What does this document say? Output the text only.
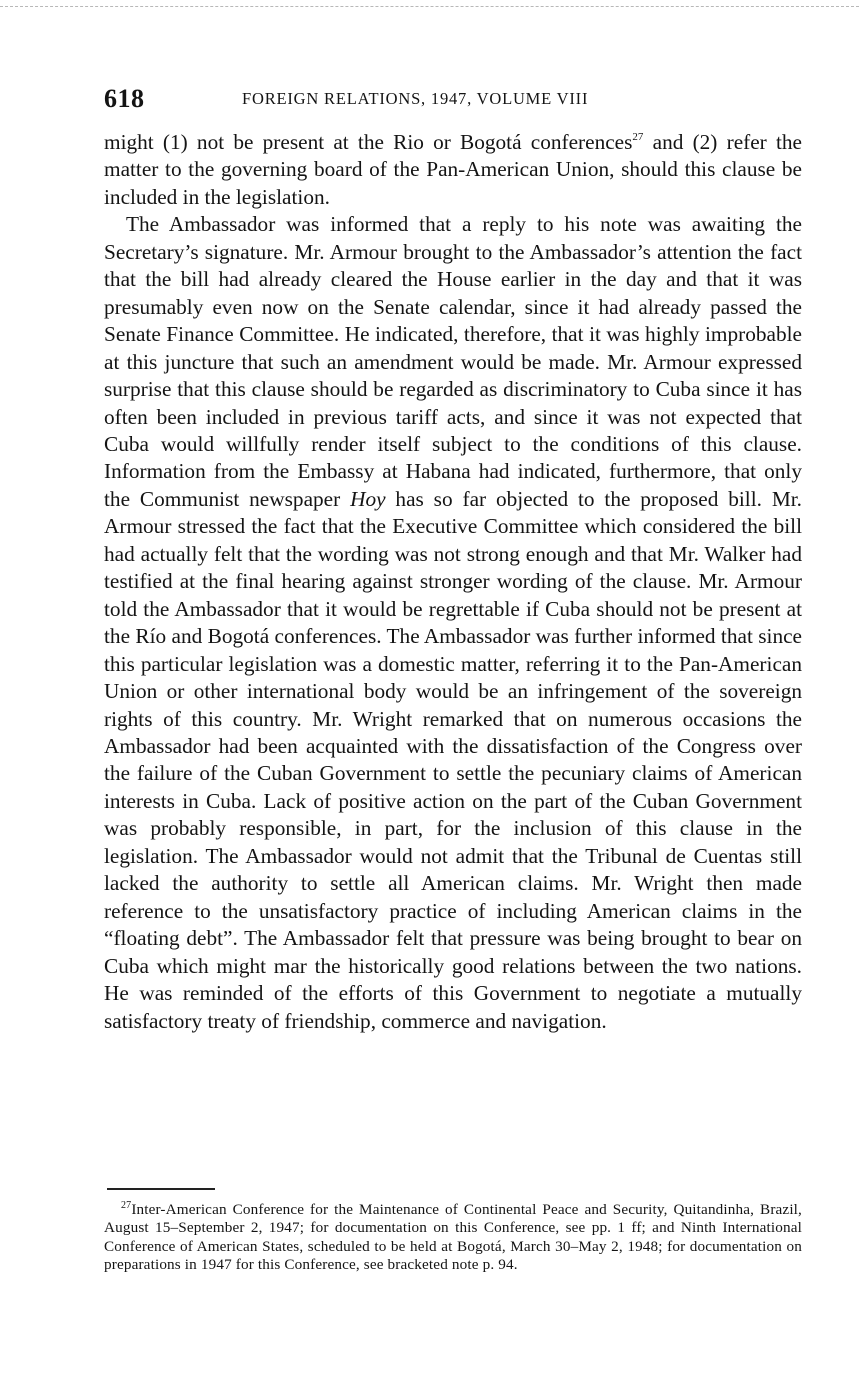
618	FOREIGN RELATIONS, 1947, VOLUME VIII

might (1) not be present at the Rio or Bogotá conferences$^{27}$ and (2) refer the matter to the governing board of the Pan-American Union, should this clause be included in the legislation.

The Ambassador was informed that a reply to his note was awaiting the Secretary’s signature. Mr. Armour brought to the Ambassador’s attention the fact that the bill had already cleared the House earlier in the day and that it was presumably even now on the Senate calendar, since it had already passed the Senate Finance Committee. He indicated, therefore, that it was highly improbable at this juncture that such an amendment would be made. Mr. Armour expressed surprise that this clause should be regarded as discriminatory to Cuba since it has often been included in previous tariff acts, and since it was not expected that Cuba would willfully render itself subject to the conditions of this clause. Information from the Embassy at Habana had indicated, furthermore, that only the Communist newspaper Hoy has so far objected to the proposed bill. Mr. Armour stressed the fact that the Executive Committee which considered the bill had actually felt that the wording was not strong enough and that Mr. Walker had testified at the final hearing against stronger wording of the clause. Mr. Armour told the Ambassador that it would be regrettable if Cuba should not be present at the Río and Bogotá conferences. The Ambassador was further informed that since this particular legislation was a domestic matter, referring it to the Pan-American Union or other international body would be an infringement of the sovereign rights of this country. Mr. Wright remarked that on numerous occasions the Ambassador had been acquainted with the dissatisfaction of the Congress over the failure of the Cuban Government to settle the pecuniary claims of American interests in Cuba. Lack of positive action on the part of the Cuban Government was probably responsible, in part, for the inclusion of this clause in the legislation. The Ambassador would not admit that the Tribunal de Cuentas still lacked the authority to settle all American claims. Mr. Wright then made reference to the unsatisfactory practice of including American claims in the “floating debt”. The Ambassador felt that pressure was being brought to bear on Cuba which might mar the historically good relations between the two nations. He was reminded of the efforts of this Government to negotiate a mutually satisfactory treaty of friendship, commerce and navigation.

$^{27}$Inter-American Conference for the Maintenance of Continental Peace and Security, Quitandinha, Brazil, August 15–September 2, 1947; for documentation on this Conference, see pp. 1 ff; and Ninth International Conference of American States, scheduled to be held at Bogotá, March 30–May 2, 1948; for documentation on preparations in 1947 for this Conference, see bracketed note p. 94.
